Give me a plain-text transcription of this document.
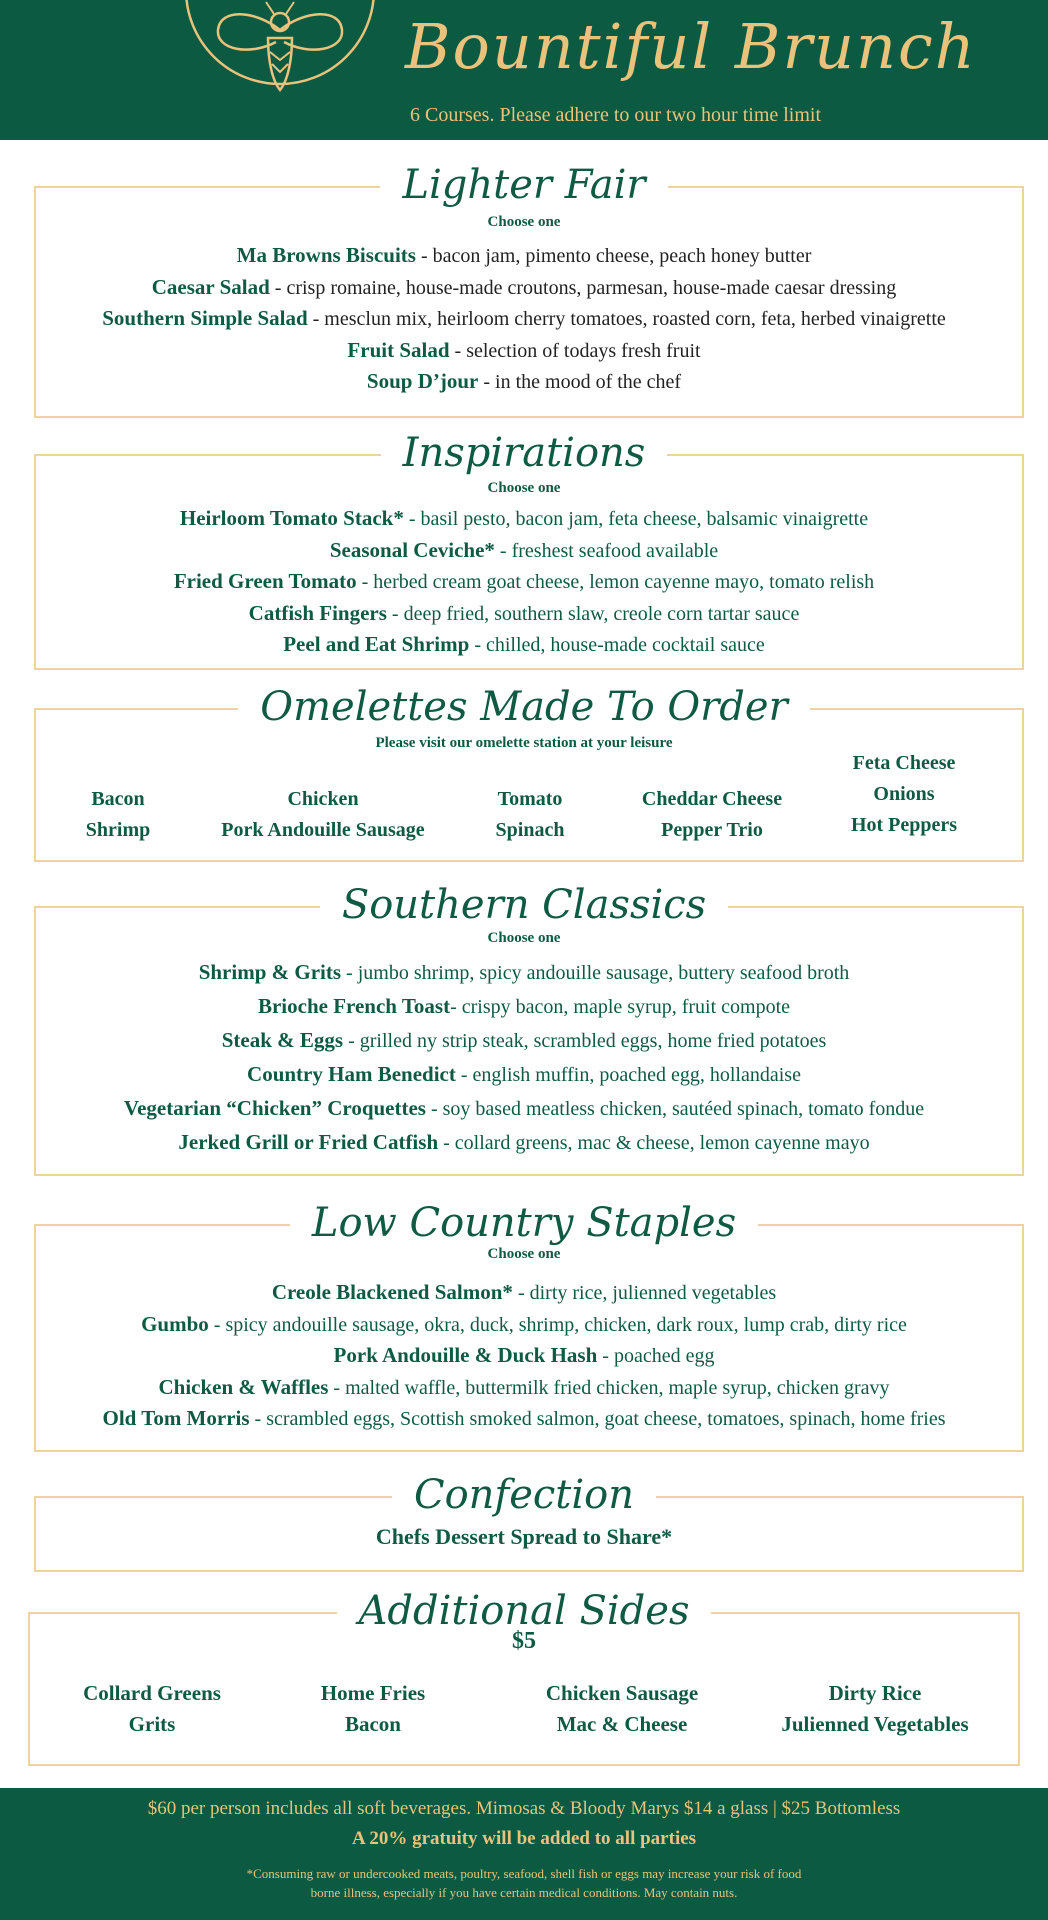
Bountiful Brunch
6 Courses. Please adhere to our two hour time limit
Lighter Fair
Choose one
Ma Browns Biscuits - bacon jam, pimento cheese, peach honey butter
Caesar Salad - crisp romaine, house-made croutons, parmesan, house-made caesar dressing
Southern Simple Salad - mesclun mix, heirloom cherry tomatoes, roasted corn, feta, herbed vinaigrette
Fruit Salad - selection of todays fresh fruit
Soup D’jour - in the mood of the chef
Inspirations
Choose one
Heirloom Tomato Stack* - basil pesto, bacon jam, feta cheese, balsamic vinaigrette
Seasonal Ceviche* - freshest seafood available
Fried Green Tomato - herbed cream goat cheese, lemon cayenne mayo, tomato relish
Catfish Fingers - deep fried, southern slaw, creole corn tartar sauce
Peel and Eat Shrimp - chilled, house-made cocktail sauce
Omelettes Made To Order
Please visit our omelette station at your leisure
Bacon
Shrimp
Chicken
Pork Andouille Sausage
Tomato
Spinach
Cheddar Cheese
Pepper Trio
Feta Cheese
Onions
Hot Peppers
Southern Classics
Choose one
Shrimp & Grits - jumbo shrimp, spicy andouille sausage, buttery seafood broth
Brioche French Toast- crispy bacon, maple syrup, fruit compote
Steak & Eggs - grilled ny strip steak, scrambled eggs, home fried potatoes
Country Ham Benedict - english muffin, poached egg, hollandaise
Vegetarian “Chicken” Croquettes - soy based meatless chicken, sautéed spinach, tomato fondue
Jerked Grill or Fried Catfish - collard greens, mac & cheese, lemon cayenne mayo
Low Country Staples
Choose one
Creole Blackened Salmon* - dirty rice, julienned vegetables
Gumbo - spicy andouille sausage, okra, duck, shrimp, chicken, dark roux, lump crab, dirty rice
Pork Andouille & Duck Hash - poached egg
Chicken & Waffles - malted waffle, buttermilk fried chicken, maple syrup, chicken gravy
Old Tom Morris - scrambled eggs, Scottish smoked salmon, goat cheese, tomatoes, spinach, home fries
Confection
Chefs Dessert Spread to Share*
Additional Sides
$5
Collard Greens
Grits
Home Fries
Bacon
Chicken Sausage
Mac & Cheese
Dirty Rice
Julienned Vegetables
$60 per person includes all soft beverages. Mimosas & Bloody Marys $14 a glass | $25 Bottomless
A 20% gratuity will be added to all parties
*Consuming raw or undercooked meats, poultry, seafood, shell fish or eggs may increase your risk of food
borne illness, especially if you have certain medical conditions. May contain nuts.
